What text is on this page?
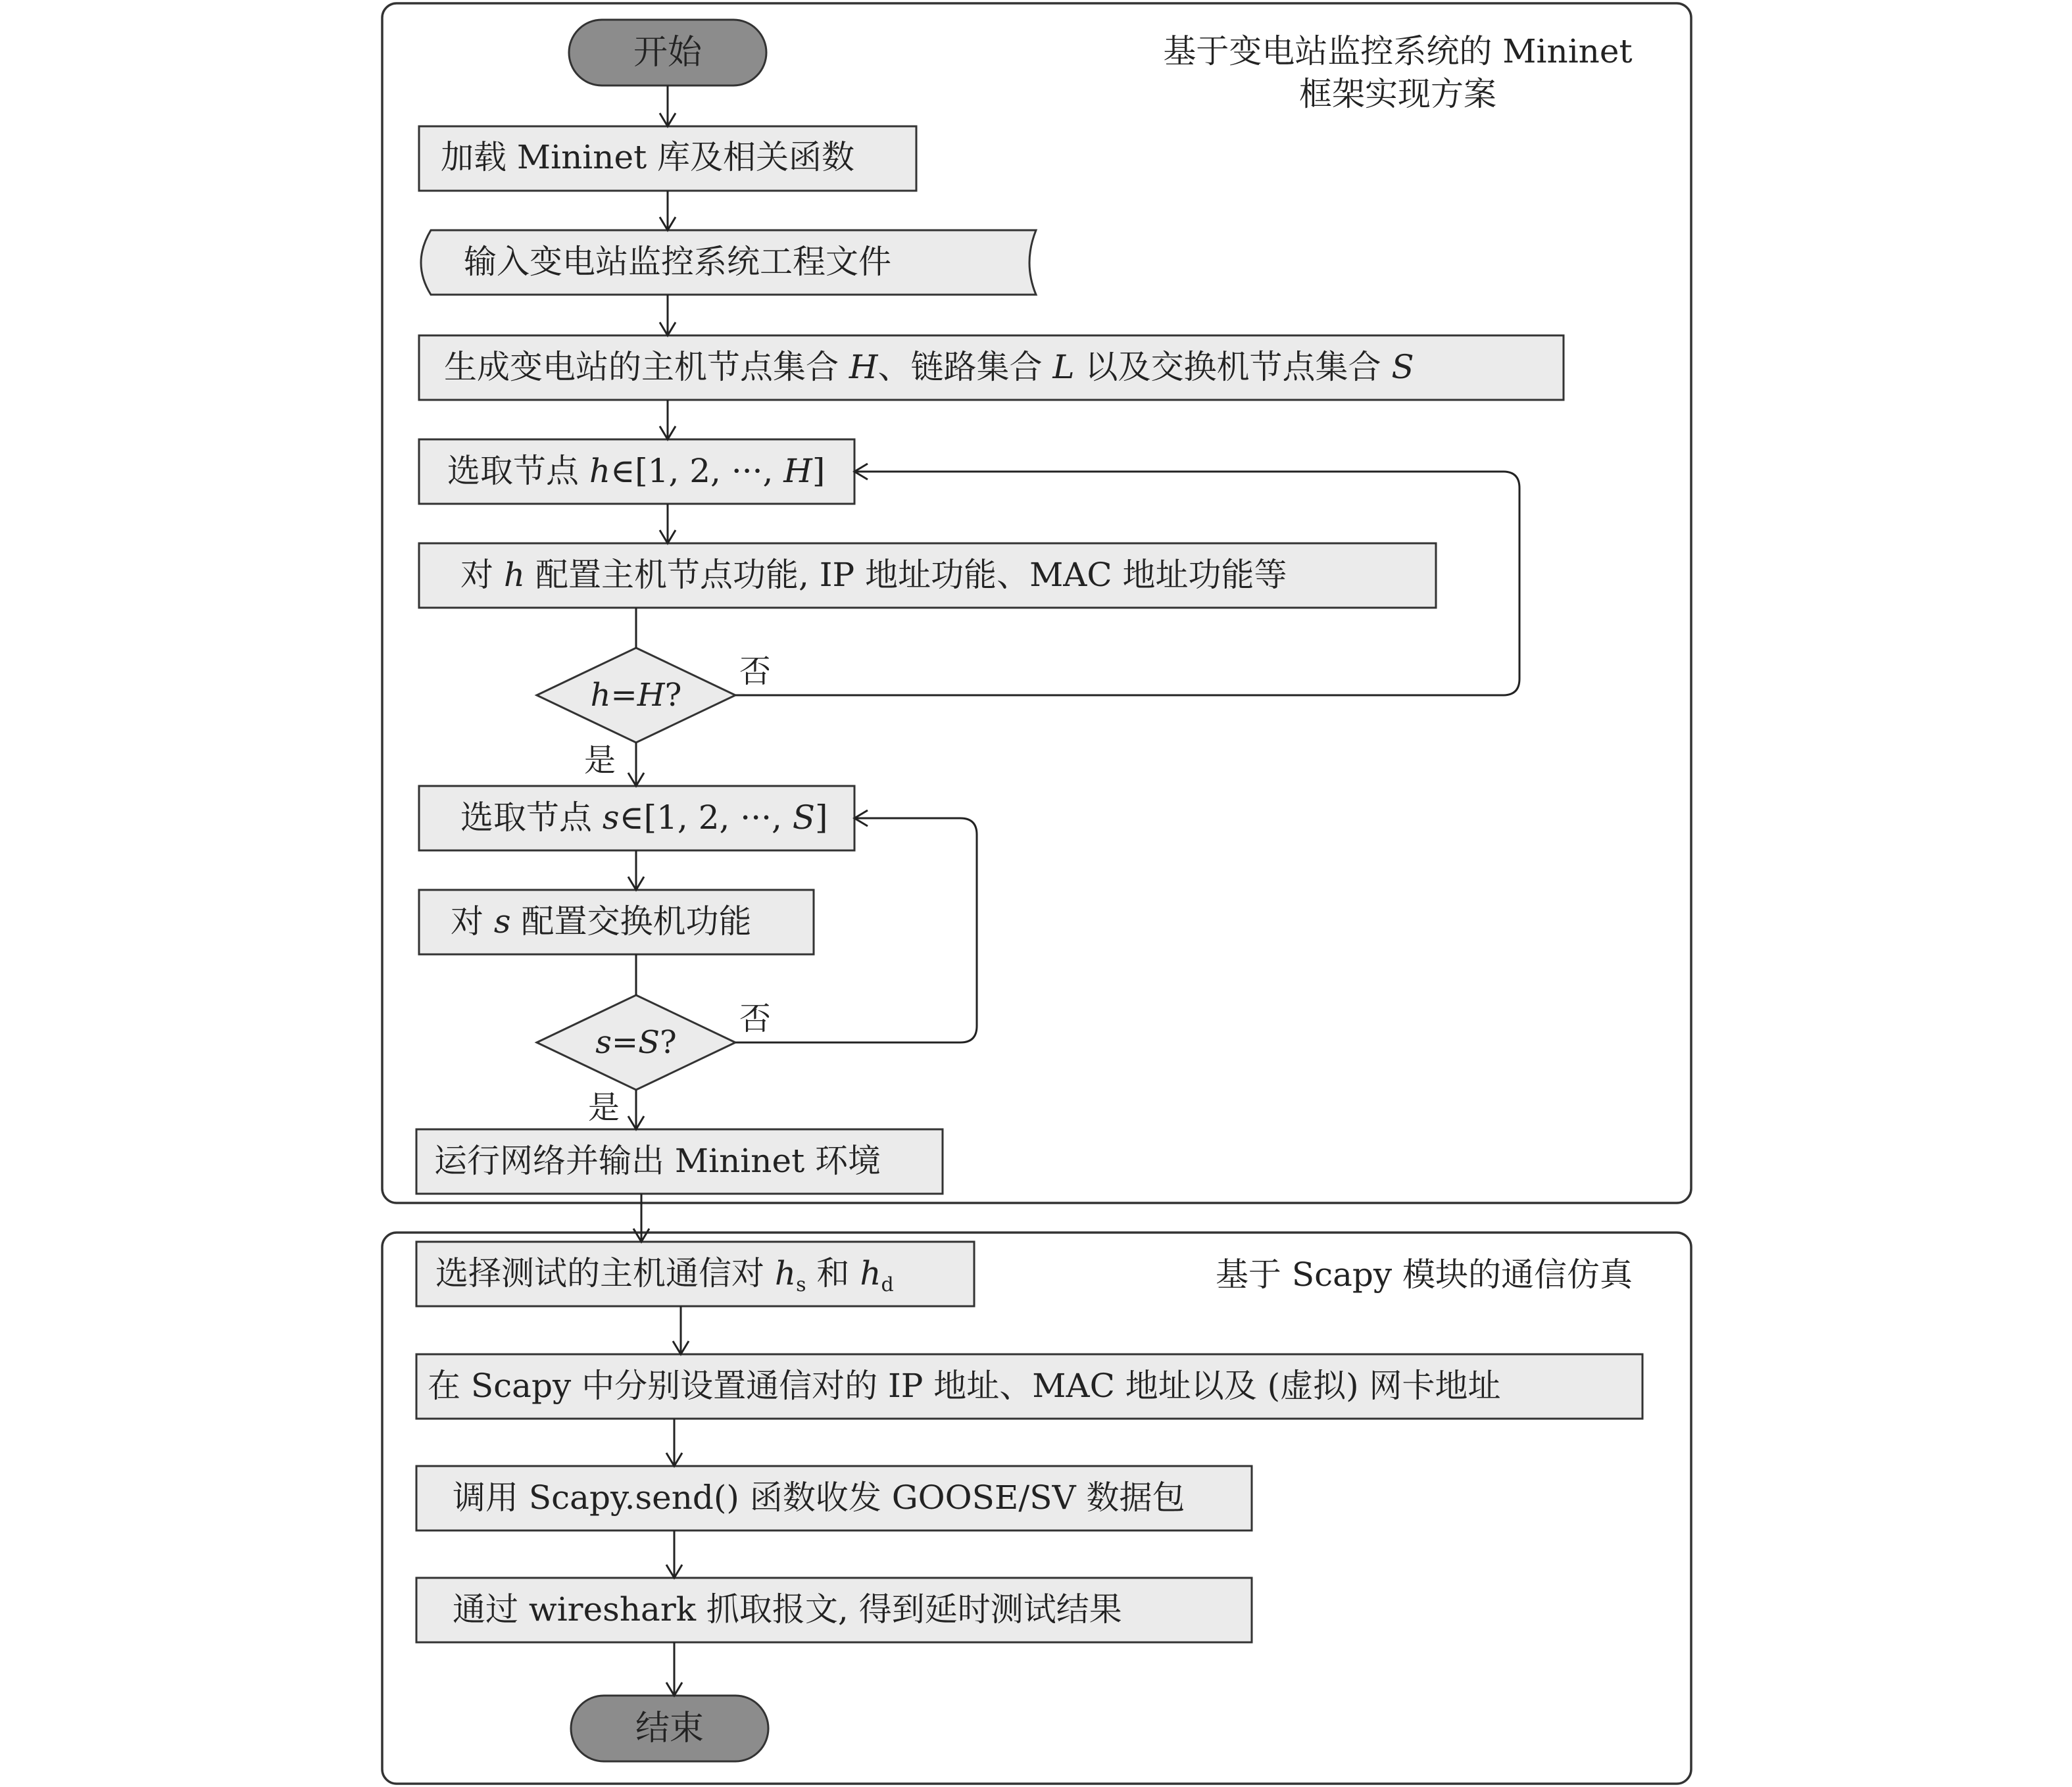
基于变电站监控系统的 Mininet
框架实现方案
基于 Scapy 模块的通信仿真
开始
加载 Mininet 库及相关函数
输入变电站监控系统工程文件
生成变电站的主机节点集合 H、链路集合 L 以及交换机节点集合 S
选取节点 h∈[1, 2, ···, H]
对 h 配置主机节点功能, IP 地址功能、MAC 地址功能等
h=H?
选取节点 s∈[1, 2, ···, S]
对 s 配置交换机功能
s=S?
运行网络并输出 Mininet 环境
选择测试的主机通信对 $h_s$ 和 $h_d$
在 Scapy 中分别设置通信对的 IP 地址、MAC 地址以及 (虚拟) 网卡地址
调用 Scapy.send() 函数收发 GOOSE/SV 数据包
通过 wireshark 抓取报文, 得到延时测试结果
结束
否
是
否
是
